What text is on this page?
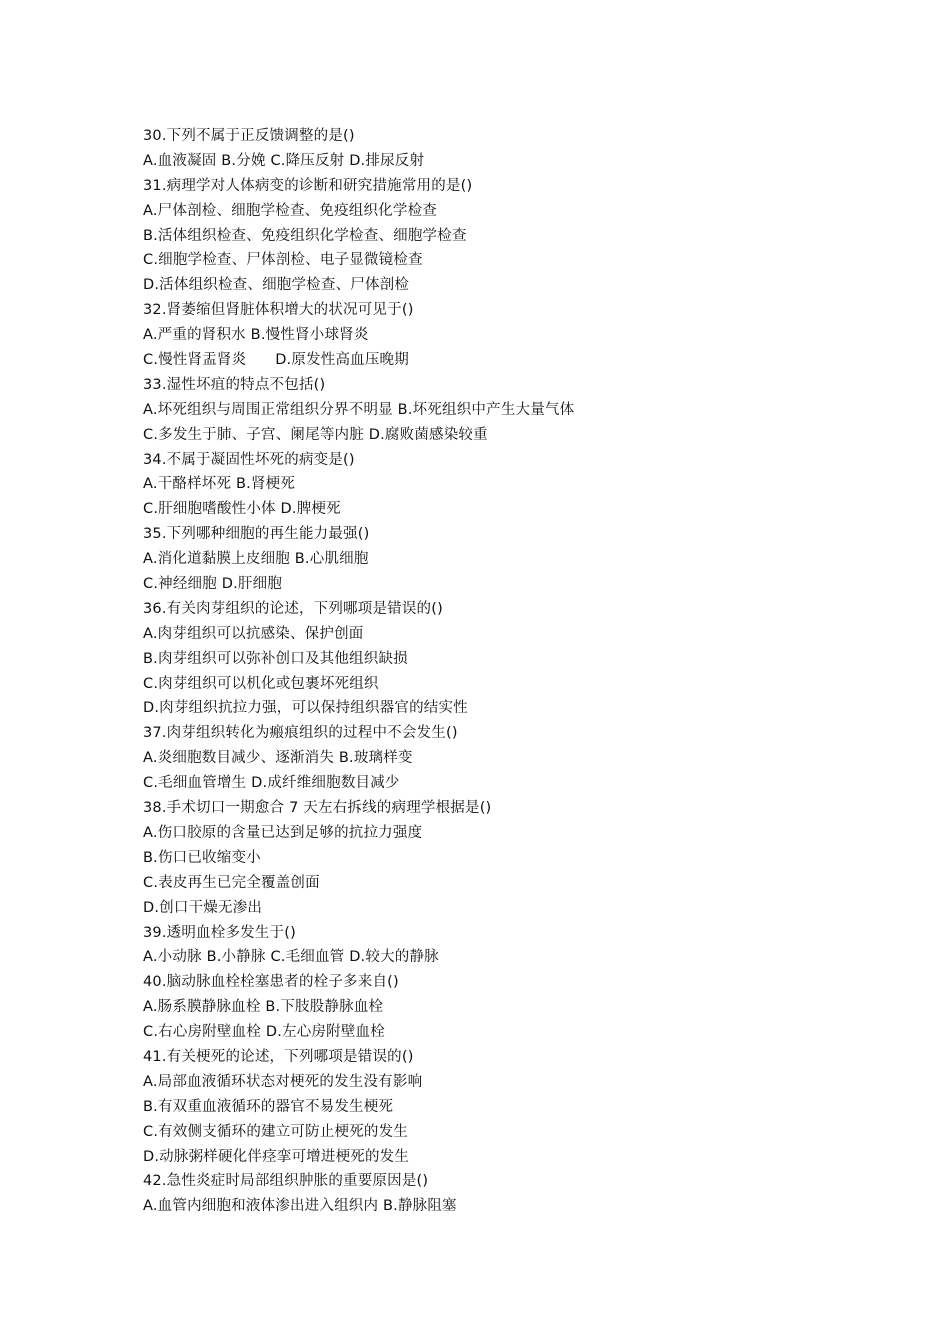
30.下列不属于正反馈调整的是()
A.血液凝固 B.分娩 C.降压反射 D.排尿反射
31.病理学对人体病变的诊断和研究措施常用的是()
A.尸体剖检、细胞学检查、免疫组织化学检查
B.活体组织检查、免疫组织化学检查、细胞学检查
C.细胞学检查、尸体剖检、电子显微镜检查
D.活体组织检查、细胞学检查、尸体剖检
32.肾萎缩但肾脏体积增大的状况可见于()
A.严重的肾积水 B.慢性肾小球肾炎
C.慢性肾盂肾炎      D.原发性高血压晚期
33.湿性坏疽的特点不包括()
A.坏死组织与周围正常组织分界不明显 B.坏死组织中产生大量气体
C.多发生于肺、子宫、阑尾等内脏 D.腐败菌感染较重
34.不属于凝固性坏死的病变是()
A.干酪样坏死 B.肾梗死
C.肝细胞嗜酸性小体 D.脾梗死
35.下列哪种细胞的再生能力最强()
A.消化道黏膜上皮细胞 B.心肌细胞
C.神经细胞 D.肝细胞
36.有关肉芽组织的论述，下列哪项是错误的()
A.肉芽组织可以抗感染、保护创面
B.肉芽组织可以弥补创口及其他组织缺损
C.肉芽组织可以机化或包裹坏死组织
D.肉芽组织抗拉力强，可以保持组织器官的结实性
37.肉芽组织转化为瘢痕组织的过程中不会发生()
A.炎细胞数目减少、逐渐消失 B.玻璃样变
C.毛细血管增生 D.成纤维细胞数目减少
38.手术切口一期愈合 7 天左右拆线的病理学根据是()
A.伤口胶原的含量已达到足够的抗拉力强度
B.伤口已收缩变小
C.表皮再生已完全覆盖创面
D.创口干燥无渗出
39.透明血栓多发生于()
A.小动脉 B.小静脉 C.毛细血管 D.较大的静脉
40.脑动脉血栓栓塞患者的栓子多来自()
A.肠系膜静脉血栓 B.下肢股静脉血栓
C.右心房附壁血栓 D.左心房附壁血栓
41.有关梗死的论述，下列哪项是错误的()
A.局部血液循环状态对梗死的发生没有影响
B.有双重血液循环的器官不易发生梗死
C.有效侧支循环的建立可防止梗死的发生
D.动脉粥样硬化伴痉挛可增进梗死的发生
42.急性炎症时局部组织肿胀的重要原因是()
A.血管内细胞和液体渗出进入组织内 B.静脉阻塞
